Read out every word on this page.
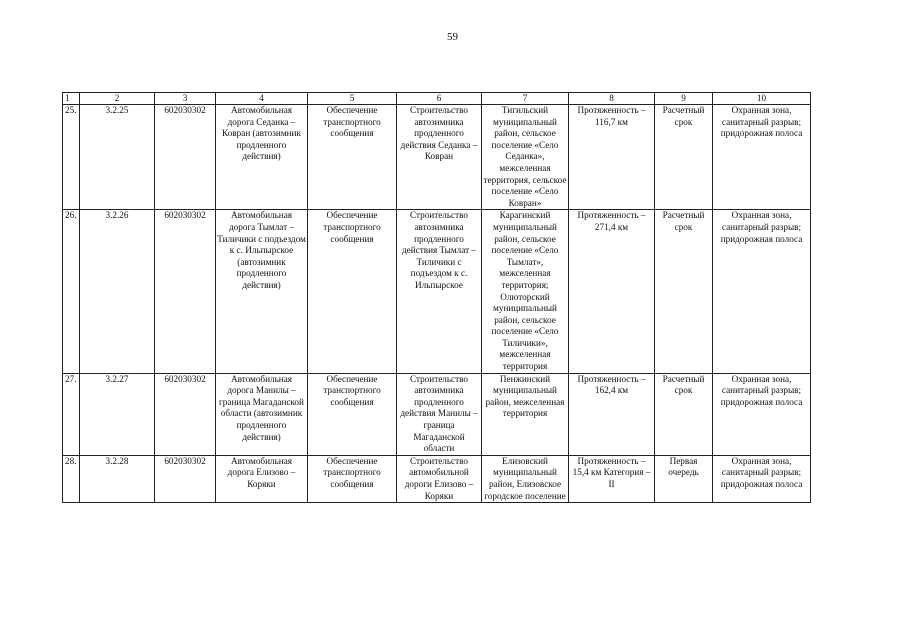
59
1	2	3	4	5	6	7	8	9	10
25.	3.2.25	602030302	Автомобильная дорога Седанка – Ковран (автозимник продленного действия)	Обеспечение транспортного сообщения	Строительство автозимника продленного действия Седанка – Ковран	Тигильский муниципальный район, сельское поселение «Село Седанка», межселенная территория, сельское поселение «Село Ковран»	Протяженность – 116,7 км	Расчетный срок	Охранная зона, санитарный разрыв; придорожная полоса
26.	3.2.26	602030302	Автомобильная дорога Тымлат – Тиличики с подъездом к с. Ильпырское (автозимник продленного действия)	Обеспечение транспортного сообщения	Строительство автозимника продленного действия Тымлат – Тиличики с подъездом к с. Ильпырское	Карагинский муниципальный район, сельское поселение «Село Тымлат», межселенная территория; Олюторский муниципальный район, сельское поселение «Село Тиличики», межселенная территория	Протяженность – 271,4 км	Расчетный срок	Охранная зона, санитарный разрыв; придорожная полоса
27.	3.2.27	602030302	Автомобильная дорога Манилы – граница Магаданской области (автозимник продленного действия)	Обеспечение транспортного сообщения	Строительство автозимника продленного действия Манилы – граница Магаданской области	Пенжинский муниципальный район, межселенная территория	Протяженность – 162,4 км	Расчетный срок	Охранная зона, санитарный разрыв; придорожная полоса
28.	3.2.28	602030302	Автомобильная дорога Елизово – Коряки	Обеспечение транспортного сообщения	Строительство автомобильной дороги Елизово – Коряки	Елизовский муниципальный район, Елизовское городское поселение	Протяженность – 15,4 км Категория – II	Первая очередь	Охранная зона, санитарный разрыв; придорожная полоса
